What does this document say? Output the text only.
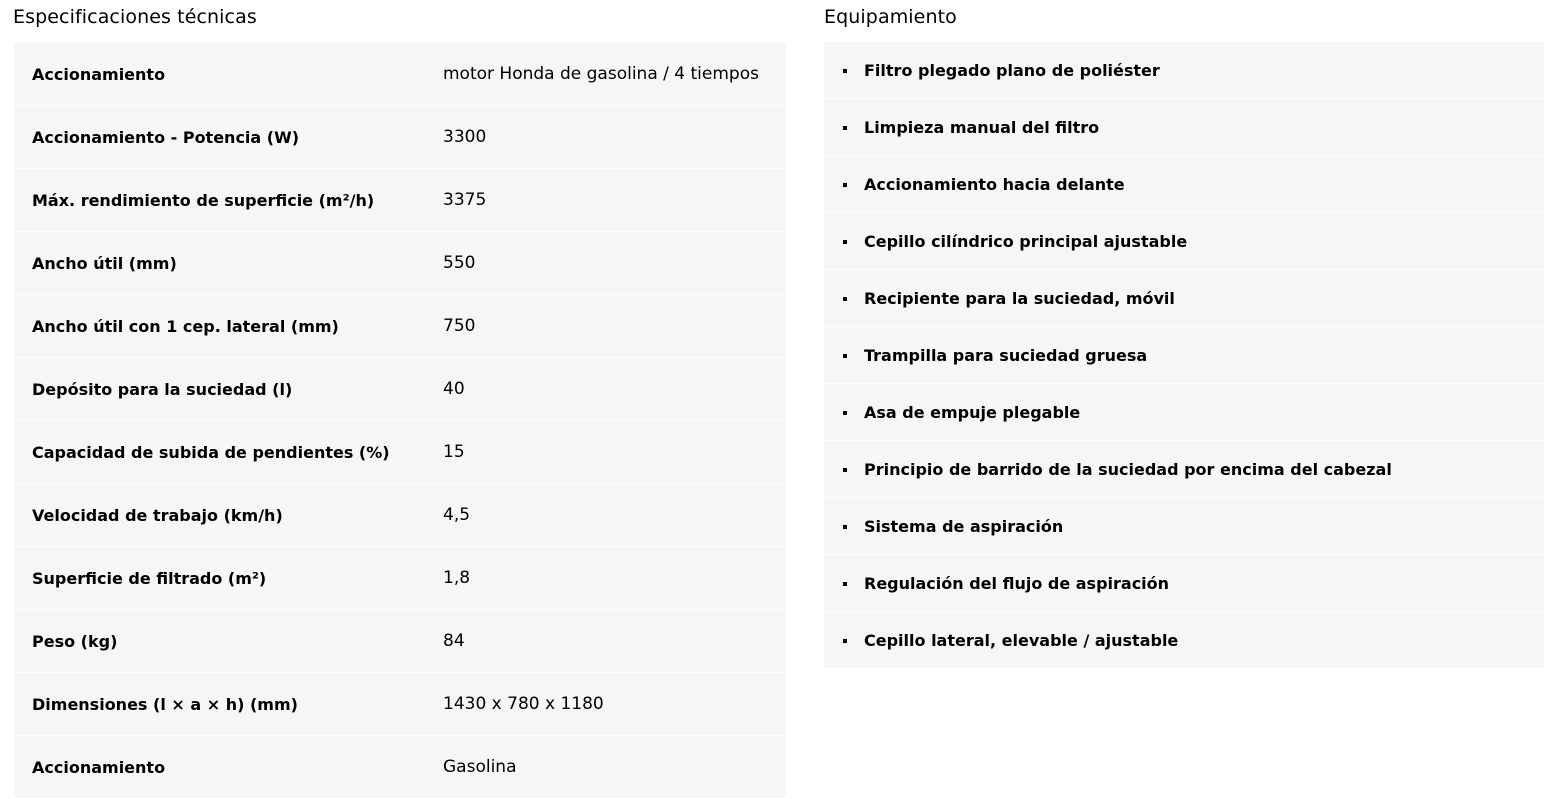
Especificaciones técnicas
Accionamiento	motor Honda de gasolina / 4 tiempos
Accionamiento - Potencia (W)	3300
Máx. rendimiento de superficie (m²/h)	3375
Ancho útil (mm)	550
Ancho útil con 1 cep. lateral (mm)	750
Depósito para la suciedad (l)	40
Capacidad de subida de pendientes (%)	15
Velocidad de trabajo (km/h)	4,5
Superficie de filtrado (m²)	1,8
Peso (kg)	84
Dimensiones (l × a × h) (mm)	1430 x 780 x 1180
Accionamiento	Gasolina
Equipamiento
Filtro plegado plano de poliéster
Limpieza manual del filtro
Accionamiento hacia delante
Cepillo cilíndrico principal ajustable
Recipiente para la suciedad, móvil
Trampilla para suciedad gruesa
Asa de empuje plegable
Principio de barrido de la suciedad por encima del cabezal
Sistema de aspiración
Regulación del flujo de aspiración
Cepillo lateral, elevable / ajustable
